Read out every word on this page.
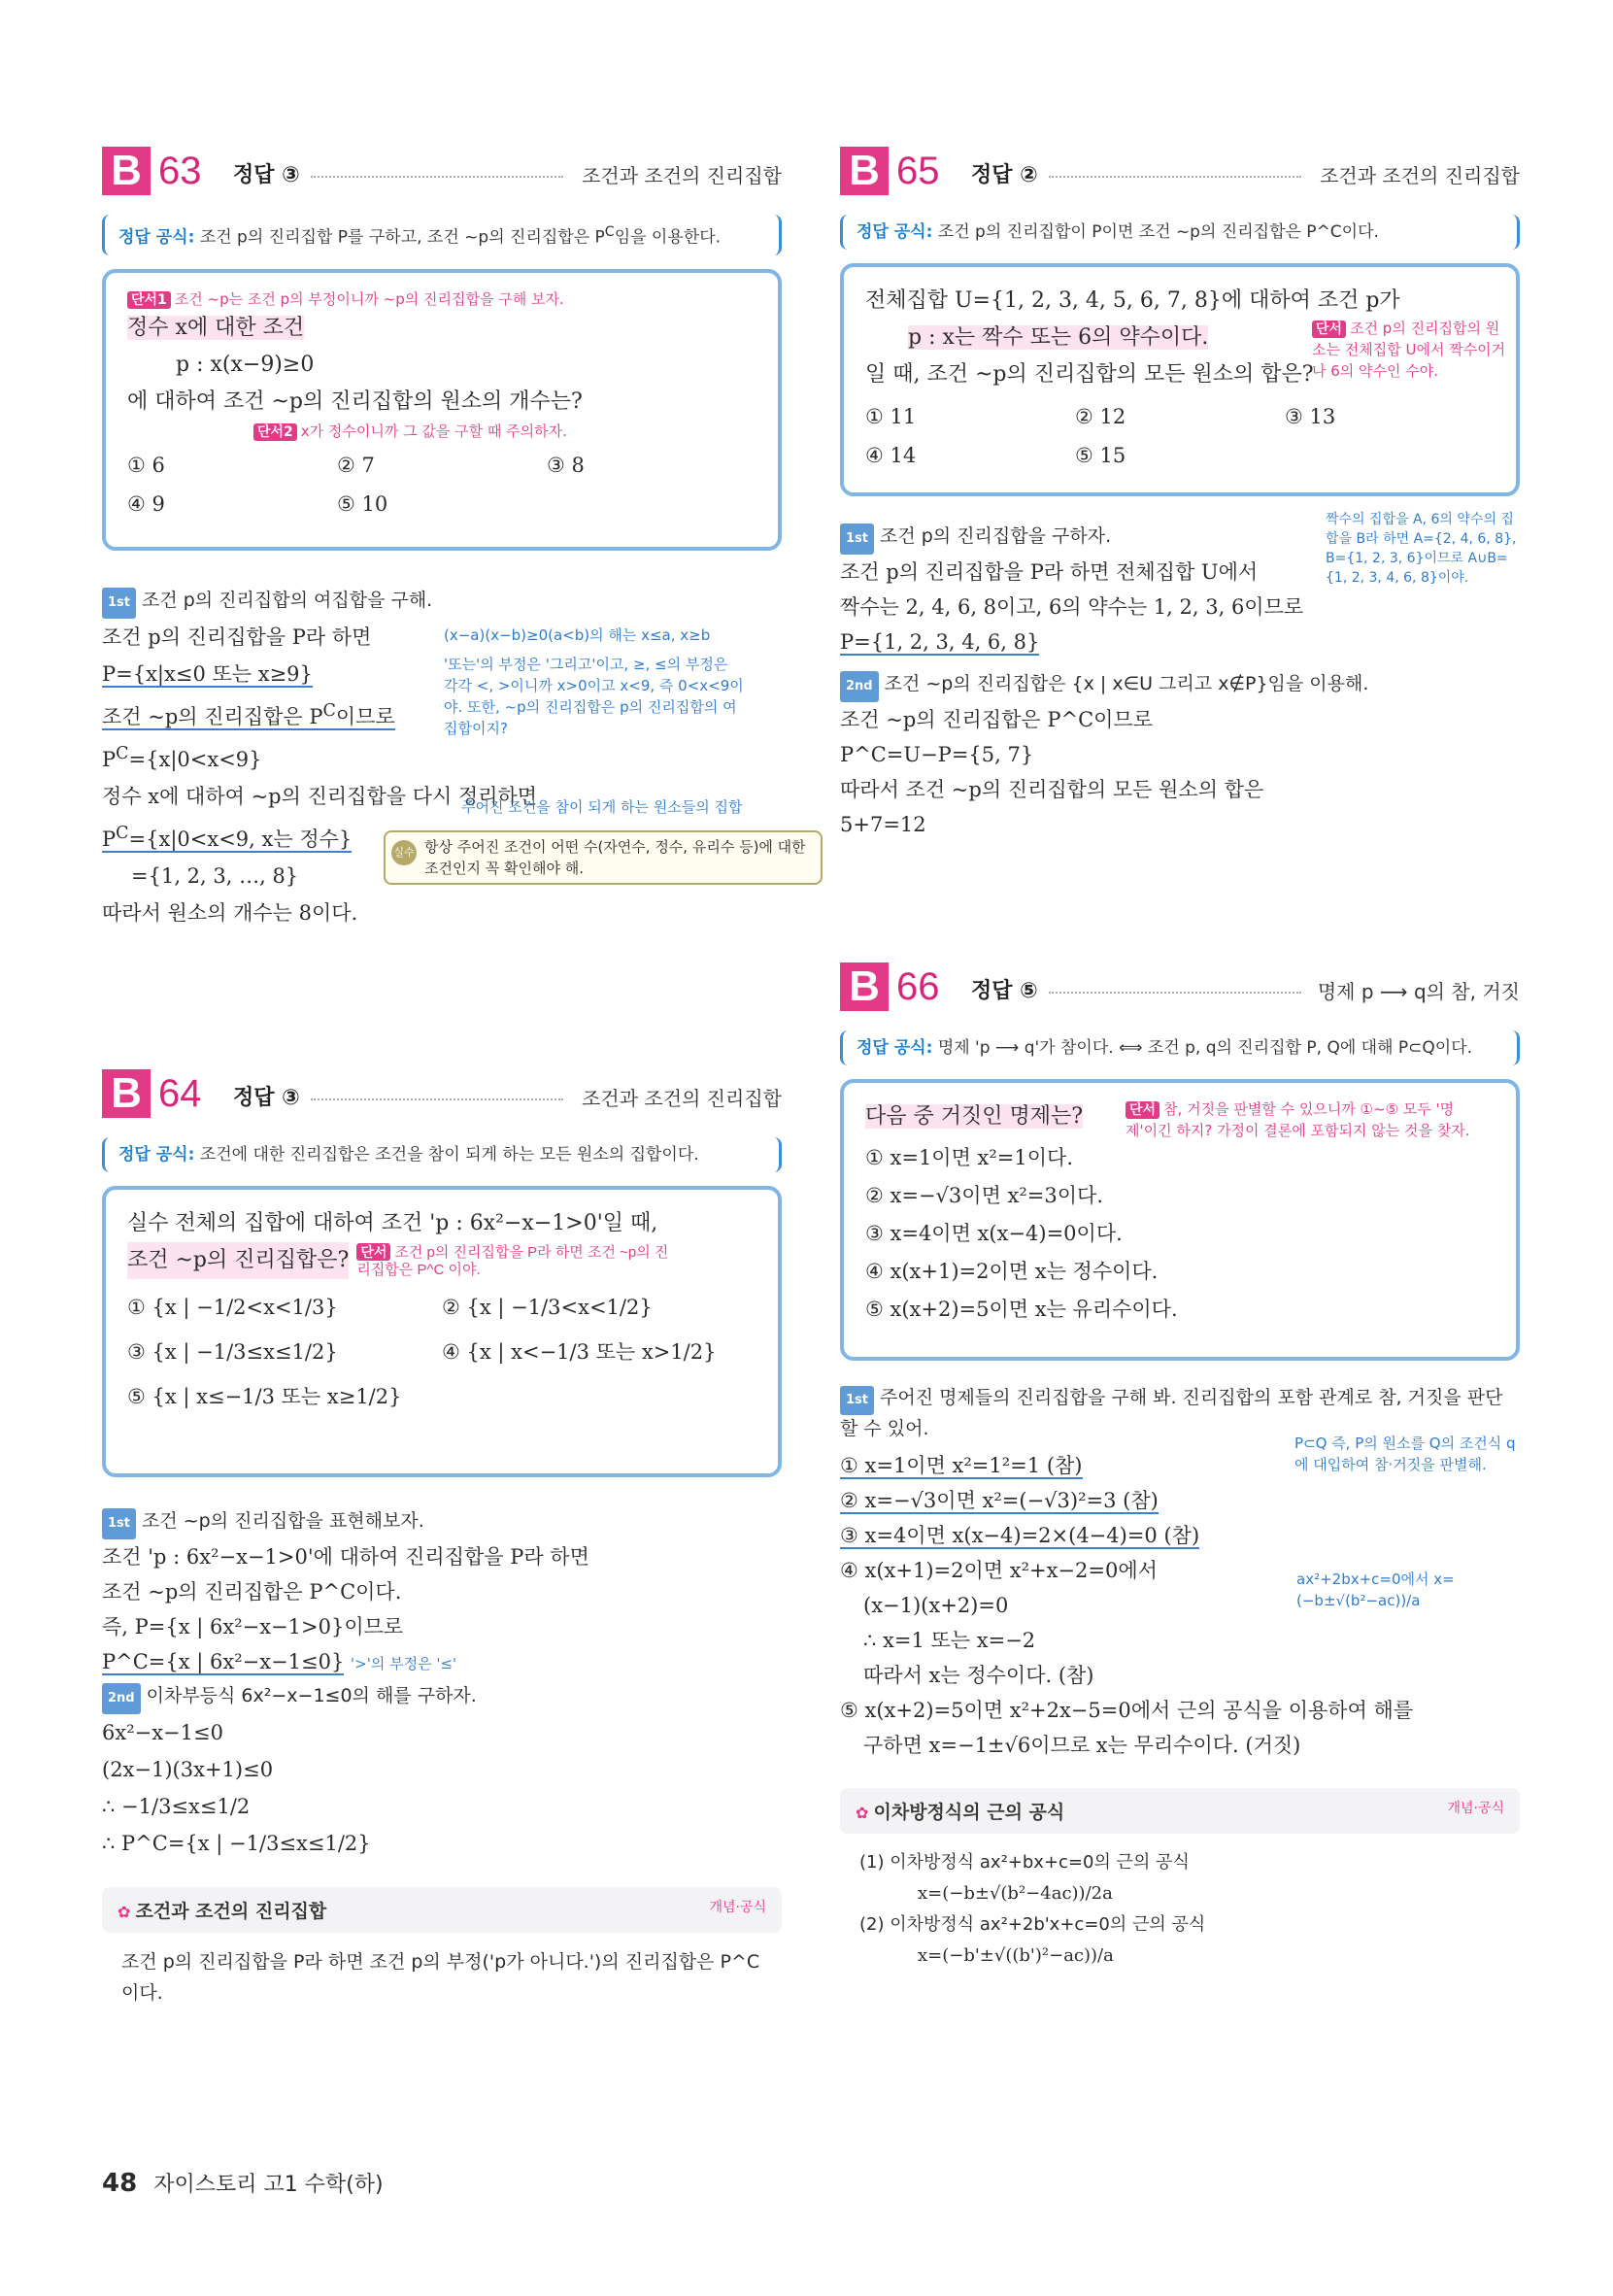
B 63 정답 ③	조건과 조건의 진리집합
정답 공식: 조건 p의 진리집합 P를 구하고, 조건 ~p의 진리집합은 $P^C$임을 이용한다.
단서1 조건 ~p는 조건 p의 부정이니까 ~p의 진리집합을 구해 보자.
정수 x에 대한 조건
p : x(x−9)≥0
에 대하여 조건 ~p의 진리집합의 원소의 개수는?
단서2 x가 정수이니까 그 값을 구할 때 주의하자.
① 6	② 7	③ 8
④ 9	⑤ 10
1st 조건 p의 진리집합의 여집합을 구해.
조건 p의 진리집합을 P라 하면
P={x|x≤0 또는 x≥9}
조건 ~p의 진리집합은 $P^C$이므로
$P^C=\{x|0<x<9\}$
정수 x에 대하여 ~p의 진리집합을 다시 정리하면
$P^C=\{x|0<x<9$, x는 정수}
={1, 2, 3, …, 8}
따라서 원소의 개수는 8이다.
(x−a)(x−b)≥0(a<b)의 해는 x≤a, x≥b
'또는'의 부정은 '그리고'이고, ≥, ≤의 부정은 각각 <, >이니까 x>0이고 x<9, 즉 0<x<9이야. 또한, ~p의 진리집합은 p의 진리집합의 여집합이지?
주어진 조건을 참이 되게 하는 원소들의 집합
실수 항상 주어진 조건이 어떤 수(자연수, 정수, 유리수 등)에 대한 조건인지 꼭 확인해야 해.
B 64 정답 ③	조건과 조건의 진리집합
정답 공식: 조건에 대한 진리집합은 조건을 참이 되게 하는 모든 원소의 집합이다.
실수 전체의 집합에 대하여 조건 'p : 6x²−x−1>0'일 때,
조건 ~p의 진리집합은? 단서 조건 p의 진리집합을 P라 하면 조건 ~p의 진리집합은 P^C 이야.
① {x | −1/2<x<1/3}	② {x | −1/3<x<1/2}
③ {x | −1/3≤x≤1/2}	④ {x | x<−1/3 또는 x>1/2}
⑤ {x | x≤−1/3 또는 x≥1/2}
1st 조건 ~p의 진리집합을 표현해보자.
조건 'p : 6x²−x−1>0'에 대하여 진리집합을 P라 하면
조건 ~p의 진리집합은 P^C이다.
즉, P={x | 6x²−x−1>0}이므로
P^C={x | 6x²−x−1≤0} '>'의 부정은 '≤'
2nd 이차부등식 6x²−x−1≤0의 해를 구하자.
6x²−x−1≤0
(2x−1)(3x+1)≤0
∴ −1/3≤x≤1/2
∴ P^C={x | −1/3≤x≤1/2}
개념·공식
✿ 조건과 조건의 진리집합
조건 p의 진리집합을 P라 하면 조건 p의 부정('p가 아니다.')의 진리집합은 P^C이다.
B 65 정답 ②	조건과 조건의 진리집합
정답 공식: 조건 p의 진리집합이 P이면 조건 ~p의 진리집합은 P^C이다.
전체집합 U={1, 2, 3, 4, 5, 6, 7, 8}에 대하여 조건 p가
p : x는 짝수 또는 6의 약수이다.
일 때, 조건 ~p의 진리집합의 모든 원소의 합은?
단서 조건 p의 진리집합의 원소는 전체집합 U에서 짝수이거나 6의 약수인 수야.
① 11	② 12	③ 13
④ 14	⑤ 15
1st 조건 p의 진리집합을 구하자.
조건 p의 진리집합을 P라 하면 전체집합 U에서
짝수는 2, 4, 6, 8이고, 6의 약수는 1, 2, 3, 6이므로
P={1, 2, 3, 4, 6, 8}
짝수의 집합을 A, 6의 약수의 집합을 B라 하면 A={2, 4, 6, 8}, B={1, 2, 3, 6}이므로 A∪B={1, 2, 3, 4, 6, 8}이야.
2nd 조건 ~p의 진리집합은 {x | x∈U 그리고 x∉P}임을 이용해.
조건 ~p의 진리집합은 P^C이므로
P^C=U−P={5, 7}
따라서 조건 ~p의 진리집합의 모든 원소의 합은
5+7=12
B 66 정답 ⑤	명제 p ⟶ q의 참, 거짓
정답 공식: 명제 'p ⟶ q'가 참이다. ⟺ 조건 p, q의 진리집합 P, Q에 대해 P⊂Q이다.
다음 중 거짓인 명제는?	단서 참, 거짓을 판별할 수 있으니까 ①~⑤ 모두 '명제'이긴 하지? 가정이 결론에 포함되지 않는 것을 찾자.
① x=1이면 x²=1이다.
② x=−√3이면 x²=3이다.
③ x=4이면 x(x−4)=0이다.
④ x(x+1)=2이면 x는 정수이다.
⑤ x(x+2)=5이면 x는 유리수이다.
1st 주어진 명제들의 진리집합을 구해 봐. 진리집합의 포함 관계로 참, 거짓을 판단할 수 있어.
① x=1이면 x²=1²=1 (참)
② x=−√3이면 x²=(−√3)²=3 (참)
③ x=4이면 x(x−4)=2×(4−4)=0 (참)
④ x(x+1)=2이면 x²+x−2=0에서
(x−1)(x+2)=0
∴ x=1 또는 x=−2
따라서 x는 정수이다. (참)
⑤ x(x+2)=5이면 x²+2x−5=0에서 근의 공식을 이용하여 해를
구하면 x=−1±√6이므로 x는 무리수이다. (거짓)
P⊂Q 즉, P의 원소를 Q의 조건식 q에 대입하여 참·거짓을 판별해.
ax²+2bx+c=0에서 x=(−b±√(b²−ac))/a
개념·공식
✿ 이차방정식의 근의 공식
(1) 이차방정식 ax²+bx+c=0의 근의 공식
x=(−b±√(b²−4ac))/2a
(2) 이차방정식 ax²+2b'x+c=0의 근의 공식
x=(−b'±√((b')²−ac))/a
48 자이스토리 고1 수학(하)
